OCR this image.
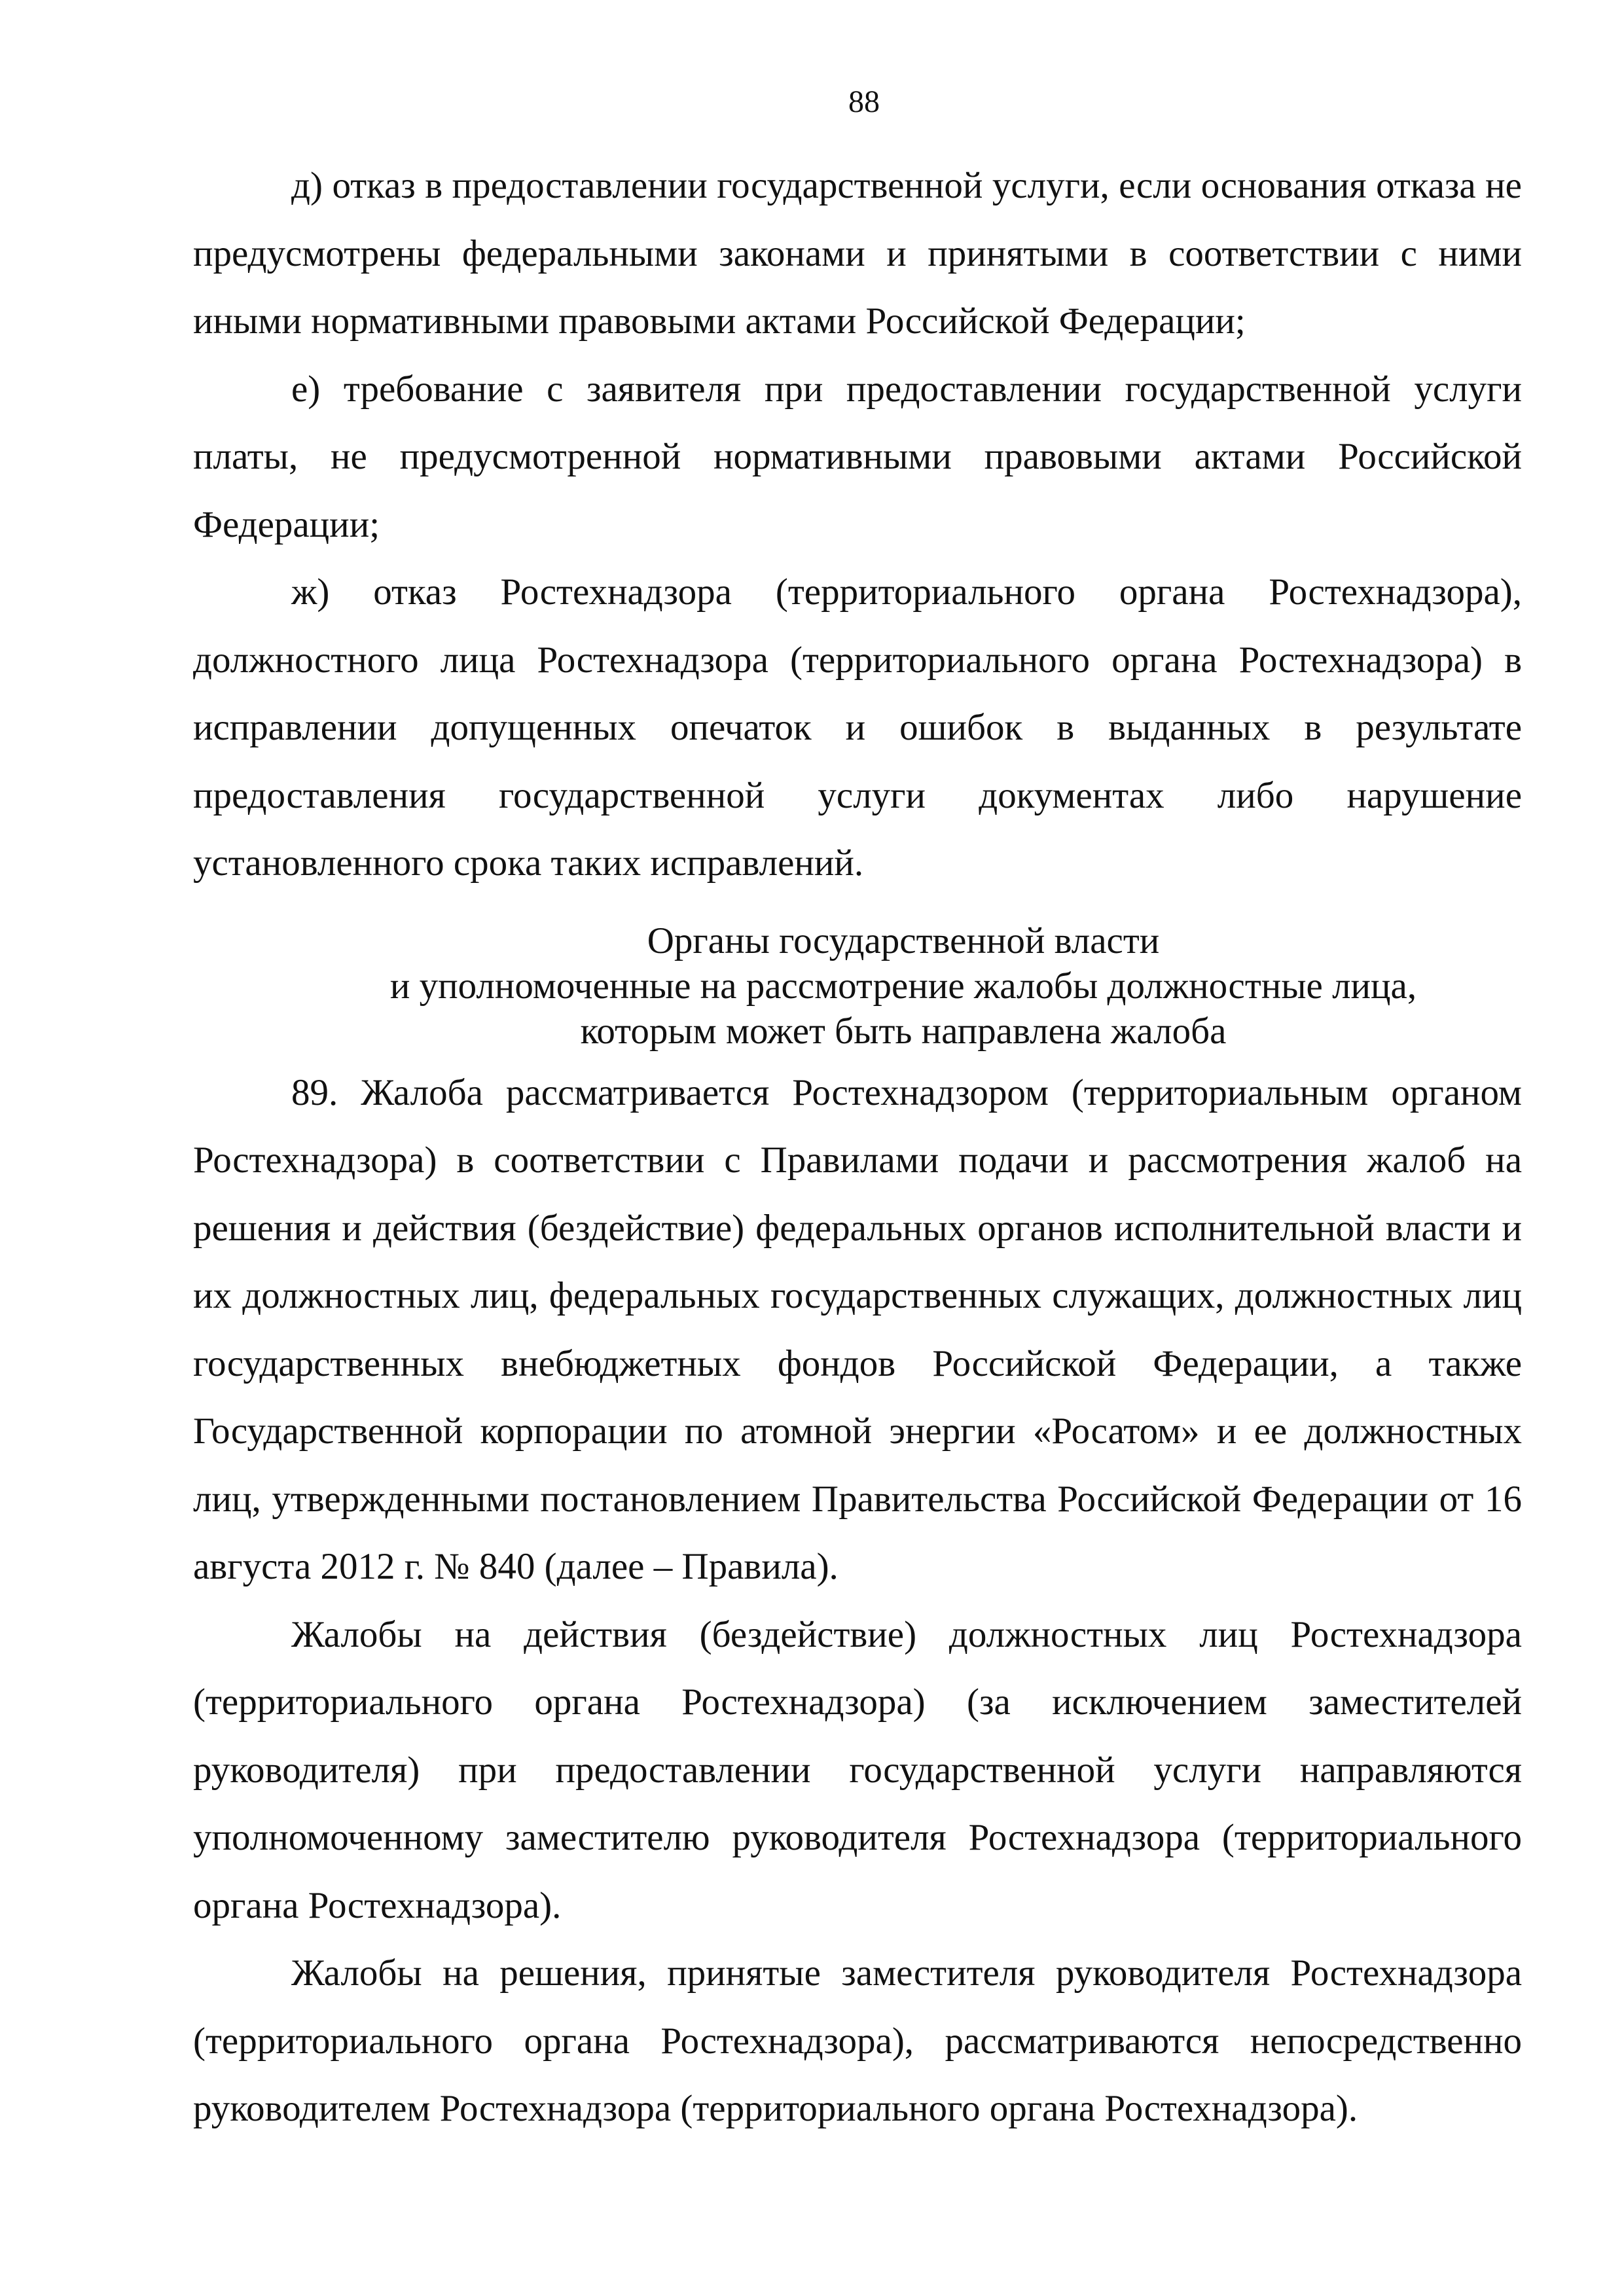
88

д) отказ в предоставлении государственной услуги, если основания отказа не предусмотрены федеральными законами и принятыми в соответствии с ними иными нормативными правовыми актами Российской Федерации;

е) требование с заявителя при предоставлении государственной услуги платы, не предусмотренной нормативными правовыми актами Российской Федерации;

ж) отказ Ростехнадзора (территориального органа Ростехнадзора), должностного лица Ростехнадзора (территориального органа Ростехнадзора) в исправлении допущенных опечаток и ошибок в выданных в результате предоставления государственной услуги документах либо нарушение установленного срока таких исправлений.

Органы государственной власти
и уполномоченные на рассмотрение жалобы должностные лица,
которым может быть направлена жалоба

89. Жалоба рассматривается Ростехнадзором (территориальным органом Ростехнадзора) в соответствии с Правилами подачи и рассмотрения жалоб на решения и действия (бездействие) федеральных органов исполнительной власти и их должностных лиц, федеральных государственных служащих, должностных лиц государственных внебюджетных фондов Российской Федерации, а также Государственной корпорации по атомной энергии «Росатом» и ее должностных лиц, утвержденными постановлением Правительства Российской Федерации от 16 августа 2012 г. № 840 (далее – Правила).

Жалобы на действия (бездействие) должностных лиц Ростехнадзора (территориального органа Ростехнадзора) (за исключением заместителей руководителя) при предоставлении государственной услуги направляются уполномоченному заместителю руководителя Ростехнадзора (территориального органа Ростехнадзора).

Жалобы на решения, принятые заместителя руководителя Ростехнадзора (территориального органа Ростехнадзора), рассматриваются непосредственно руководителем Ростехнадзора (территориального органа Ростехнадзора).
